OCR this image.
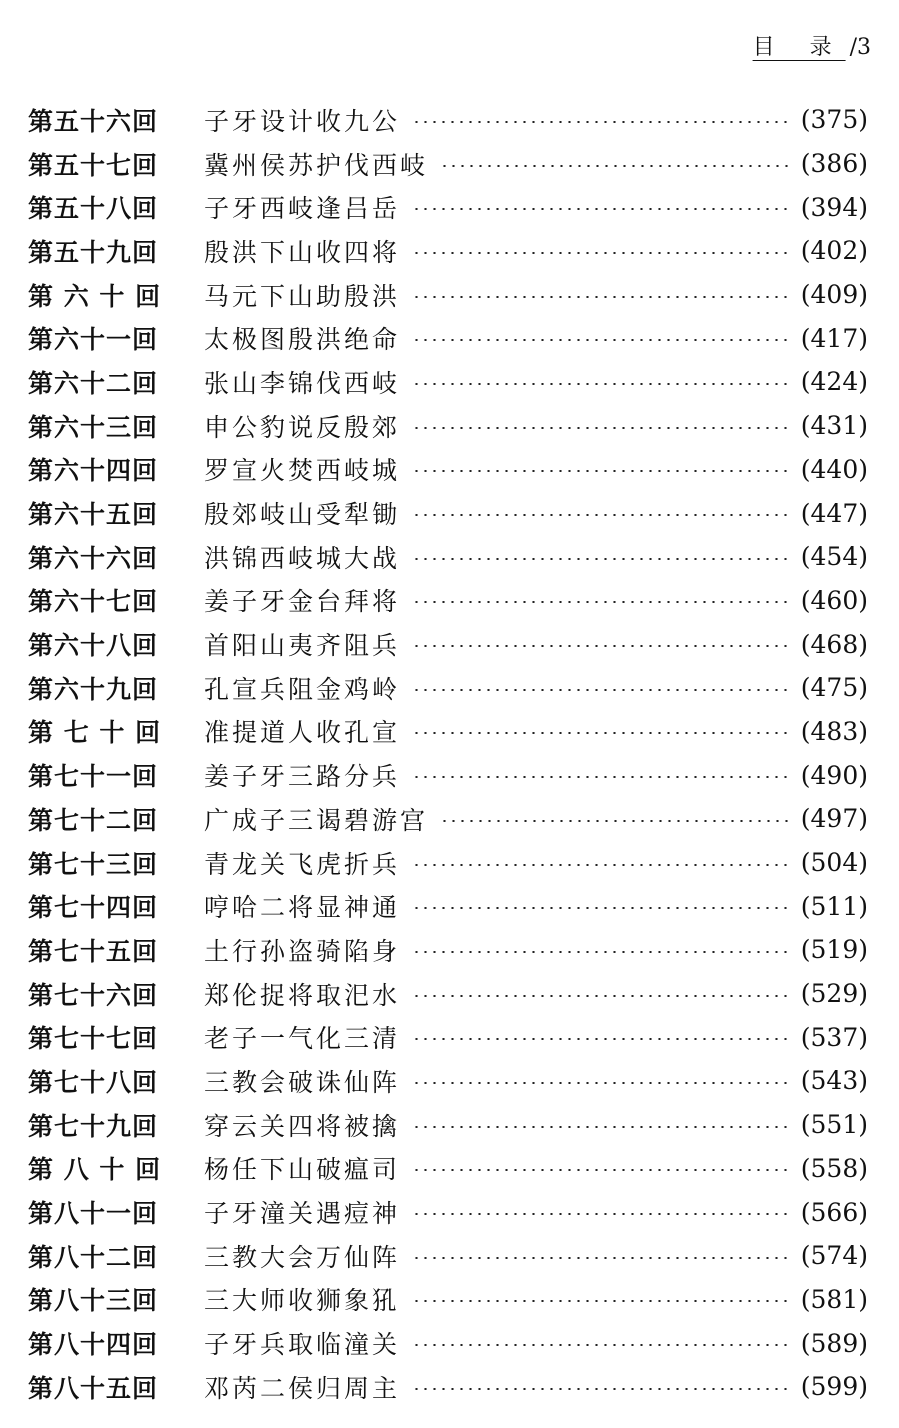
目 录 /3
第五十六回	子牙设计收九公	(375)
第五十七回	冀州侯苏护伐西岐	(386)
第五十八回	子牙西岐逢吕岳	(394)
第五十九回	殷洪下山收四将	(402)
第 六 十 回	马元下山助殷洪	(409)
第六十一回	太极图殷洪绝命	(417)
第六十二回	张山李锦伐西岐	(424)
第六十三回	申公豹说反殷郊	(431)
第六十四回	罗宣火焚西岐城	(440)
第六十五回	殷郊岐山受犁锄	(447)
第六十六回	洪锦西岐城大战	(454)
第六十七回	姜子牙金台拜将	(460)
第六十八回	首阳山夷齐阻兵	(468)
第六十九回	孔宣兵阻金鸡岭	(475)
第 七 十 回	准提道人收孔宣	(483)
第七十一回	姜子牙三路分兵	(490)
第七十二回	广成子三谒碧游宫	(497)
第七十三回	青龙关飞虎折兵	(504)
第七十四回	哼哈二将显神通	(511)
第七十五回	土行孙盗骑陷身	(519)
第七十六回	郑伦捉将取汜水	(529)
第七十七回	老子一气化三清	(537)
第七十八回	三教会破诛仙阵	(543)
第七十九回	穿云关四将被擒	(551)
第 八 十 回	杨任下山破瘟司	(558)
第八十一回	子牙潼关遇痘神	(566)
第八十二回	三教大会万仙阵	(574)
第八十三回	三大师收狮象犼	(581)
第八十四回	子牙兵取临潼关	(589)
第八十五回	邓芮二侯归周主	(599)
